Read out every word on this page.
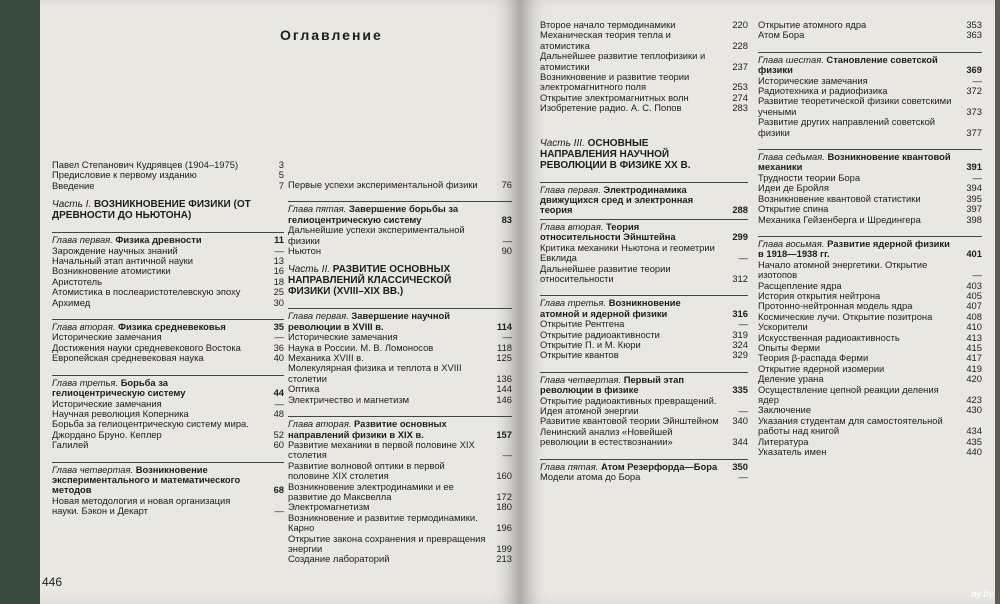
Оглавление
Павел Степанович Кудрявцев (1904–1975)	3
Предисловие к первому изданию	5
Введение	7
Часть I. ВОЗНИКНОВЕНИЕ ФИЗИКИ (ОТ ДРЕВНОСТИ ДО НЬЮТОНА)
Глава первая. Физика древности	11
Зарождение научных знаний	—
Начальный этап античной науки	13
Возникновение атомистики	16
Аристотель	18
Атомистика в послеаристотелевскую эпоху	25
Архимед	30
Глава вторая. Физика средневековья	35
Исторические замечания	—
Достижения науки средневекового Востока	36
Европейская средневековая наука	40
Глава третья. Борьба за гелиоцентрическую систему	44
Исторические замечания	—
Научная революция Коперника	48
Борьба за гелиоцентрическую систему мира. Джордано Бруно. Кеплер	52
Галилей	60
Глава четвертая. Возникновение экспериментального и математического методов	68
Новая методология и новая организация науки. Бэкон и Декарт	—
Первые успехи экспериментальной физики	76
Глава пятая. Завершение борьбы за гелиоцентрическую систему	83
Дальнейшие успехи экспериментальной физики	—
Ньютон	90
Часть II. РАЗВИТИЕ ОСНОВНЫХ НАПРАВЛЕНИЙ КЛАССИЧЕСКОЙ ФИЗИКИ (XVIII–XIX ВВ.)
Глава первая. Завершение научной революции в XVIII в.	114
Исторические замечания	—
Наука в России. М. В. Ломоносов	118
Механика XVIII в.	125
Молекулярная физика и теплота в XVIII столетии	136
Оптика	144
Электричество и магнетизм	146
Глава вторая. Развитие основных направлений физики в XIX в.	157
Развитие механики в первой половине XIX столетия	—
Развитие волновой оптики в первой половине XIX столетия	160
Возникновение электродинамики и ее развитие до Максвелла	172
Электромагнетизм	180
Возникновение и развитие термодинамики. Карно	196
Открытие закона сохранения и превращения энергии	199
Создание лабораторий	213
446
Второе начало термодинамики	220
Механическая теория тепла и атомистика	228
Дальнейшее развитие теплофизики и атомистики	237
Возникновение и развитие теории электромагнитного поля	253
Открытие электромагнитных волн	274
Изобретение радио. А. С. Попов	283
Часть III. ОСНОВНЫЕ НАПРАВЛЕНИЯ НАУЧНОЙ РЕВОЛЮЦИИ В ФИЗИКЕ XX В.
Глава первая. Электродинамика движущихся сред и электронная теория	288
Глава вторая. Теория относительности Эйнштейна	299
Критика механики Ньютона и геометрии Евклида	—
Дальнейшее развитие теории относительности	312
Глава третья. Возникновение атомной и ядерной физики	316
Открытие Рентгена	—
Открытие радиоактивности	319
Открытие П. и М. Кюри	324
Открытие квантов	329
Глава четвертая. Первый этап революции в физике	335
Открытие радиоактивных превращений. Идея атомной энергии	—
Развитие квантовой теории Эйнштейном	340
Ленинский анализ «Новейшей революции в естествознании»	344
Глава пятая. Атом Резерфорда—Бора	350
Модели атома до Бора	—
Открытие атомного ядра	353
Атом Бора	363
Глава шестая. Становление советской физики	369
Исторические замечания	—
Радиотехника и радиофизика	372
Развитие теоретической физики советскими учеными	373
Развитие других направлений советской физики	377
Глава седьмая. Возникновение квантовой механики	391
Трудности теории Бора	—
Идеи де Бройля	394
Возникновение квантовой статистики	395
Открытие спина	397
Механика Гейзенберга и Шредингера	398
Глава восьмая. Развитие ядерной физики в 1918—1938 гг.	401
Начало атомной энергетики. Открытие изотопов	—
Расщепление ядра	403
История открытия нейтрона	405
Протонно-нейтронная модель ядра	407
Космические лучи. Открытие позитрона	408
Ускорители	410
Искусственная радиоактивность	413
Опыты Ферми	415
Теория β-распада Ферми	417
Открытие ядерной изомерии	419
Деление урана	420
Осуществление цепной реакции деления ядер	423
Заключение	430
Указания студентам для самостоятельной работы над книгой	434
Литература	435
Указатель имен	440
ay.by
